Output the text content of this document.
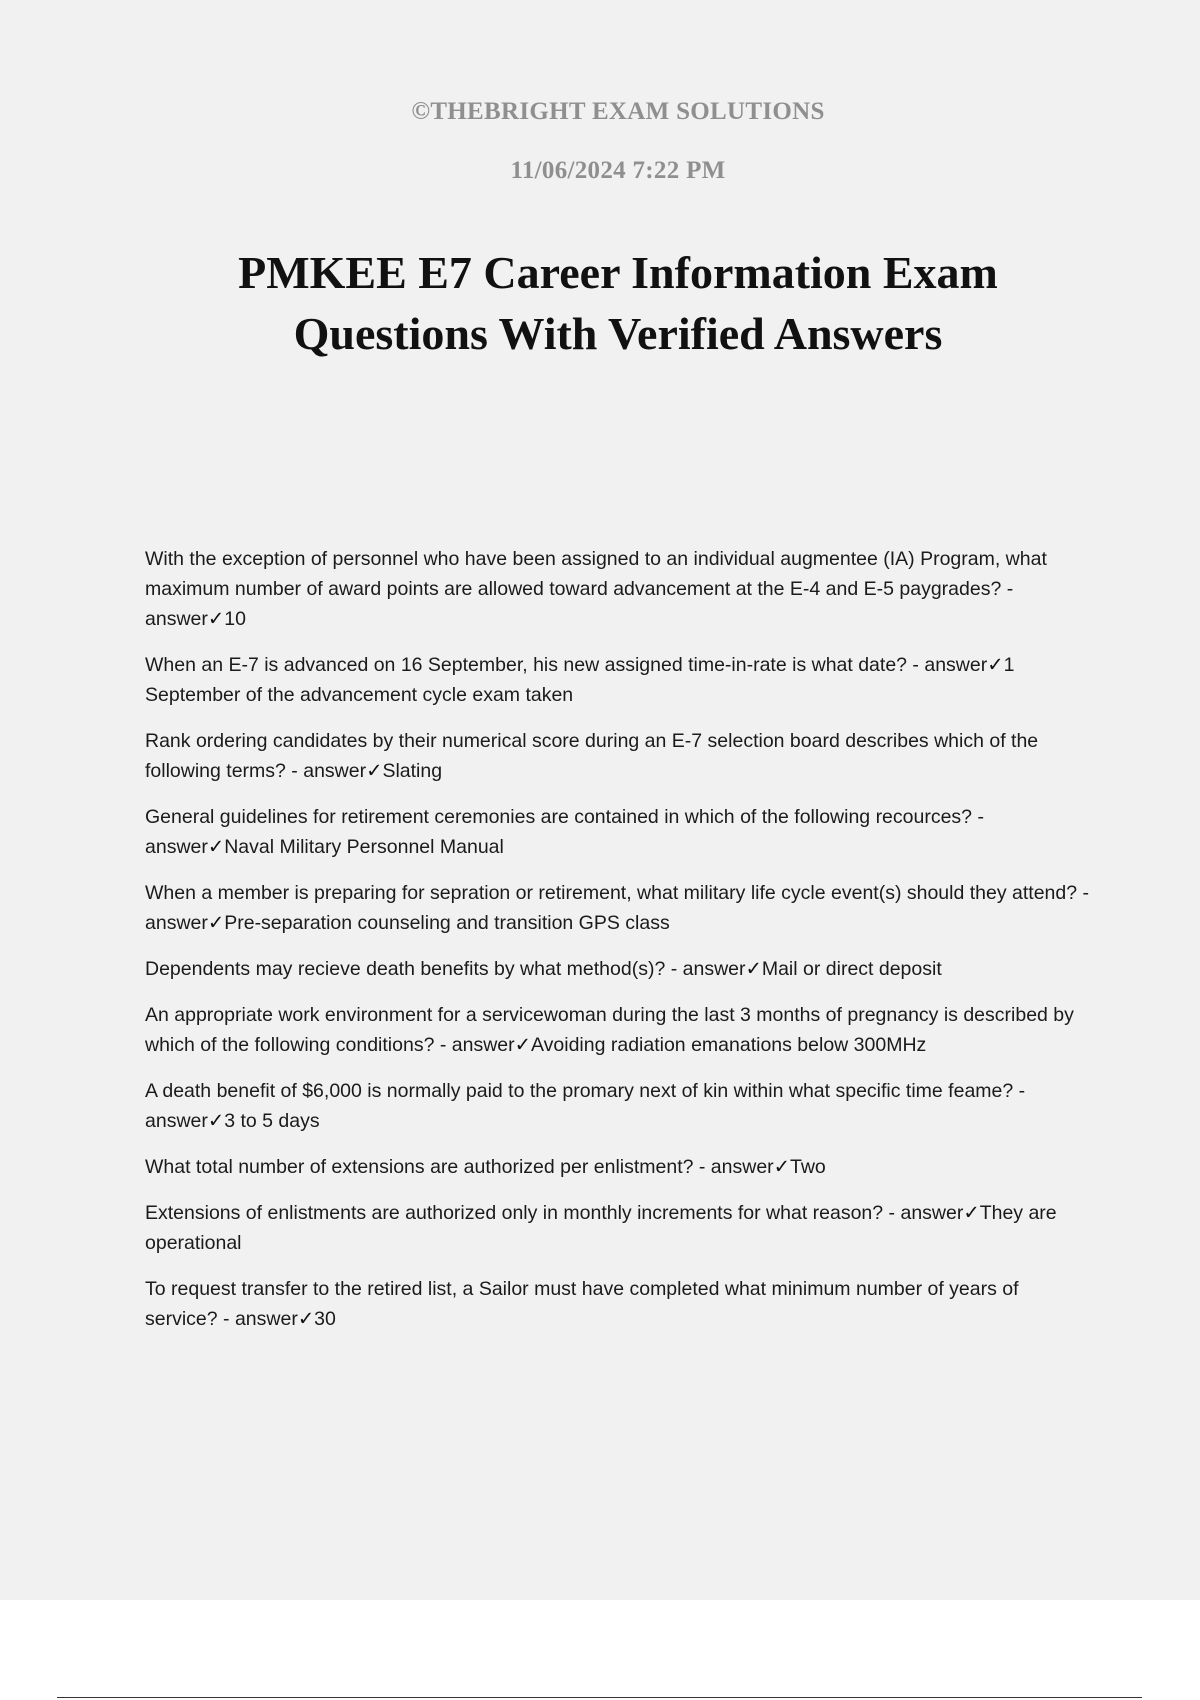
©THEBRIGHT EXAM SOLUTIONS
11/06/2024 7:22 PM
PMKEE E7 Career Information Exam
Questions With Verified Answers

With the exception of personnel who have been assigned to an individual augmentee (IA) Program, what maximum number of award points are allowed toward advancement at the E-4 and E-5 paygrades? - answer✓10

When an E-7 is advanced on 16 September, his new assigned time-in-rate is what date? - answer✓1 September of the advancement cycle exam taken

Rank ordering candidates by their numerical score during an E-7 selection board describes which of the following terms? - answer✓Slating

General guidelines for retirement ceremonies are contained in which of the following recources? - answer✓Naval Military Personnel Manual

When a member is preparing for sepration or retirement, what military life cycle event(s) should they attend? - answer✓Pre-separation counseling and transition GPS class

Dependents may recieve death benefits by what method(s)? - answer✓Mail or direct deposit

An appropriate work environment for a servicewoman during the last 3 months of pregnancy is described by which of the following conditions? - answer✓Avoiding radiation emanations below 300MHz

A death benefit of $6,000 is normally paid to the promary next of kin within what specific time feame? - answer✓3 to 5 days

What total number of extensions are authorized per enlistment? - answer✓Two

Extensions of enlistments are authorized only in monthly increments for what reason? - answer✓They are operational

To request transfer to the retired list, a Sailor must have completed what minimum number of years of service? - answer✓30
